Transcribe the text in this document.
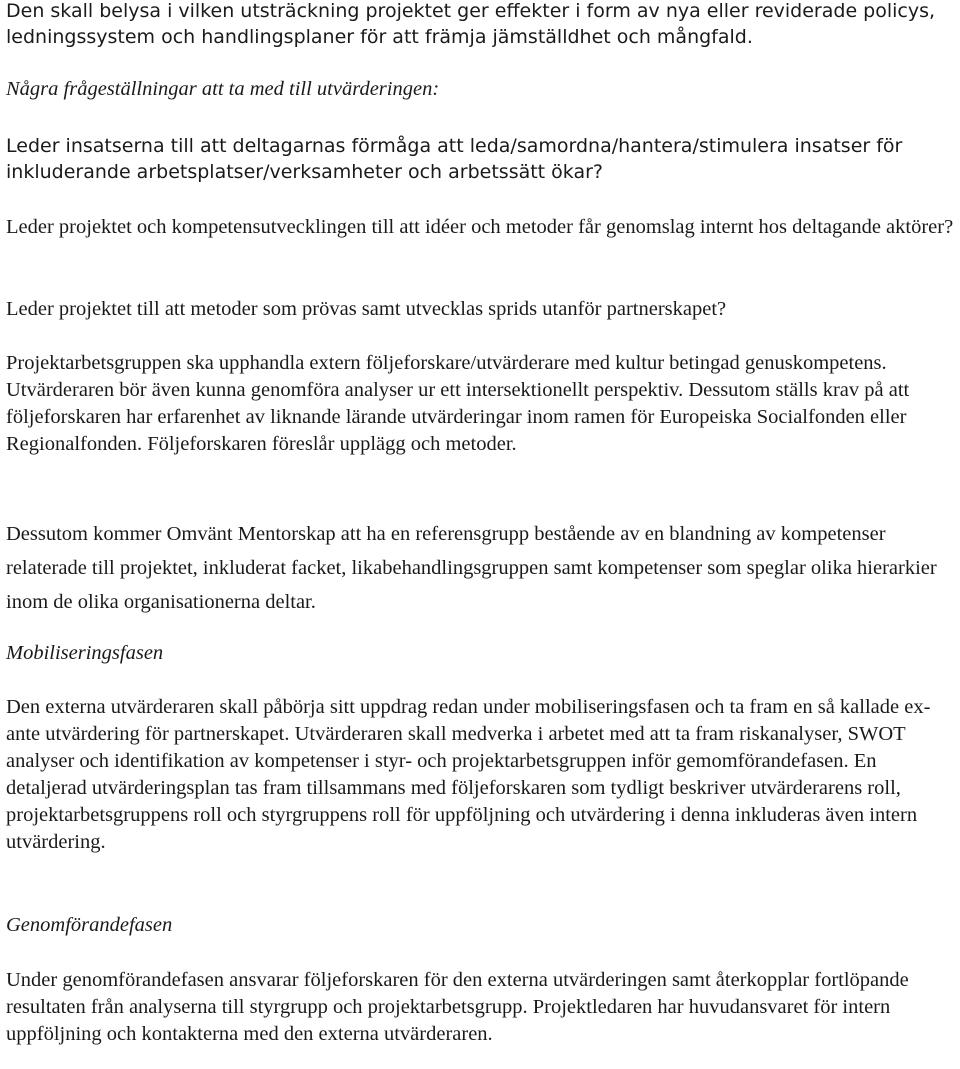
Den skall belysa i vilken utsträckning projektet ger effekter i form av nya eller reviderade policys, ledningssystem och handlingsplaner för att främja jämställdhet och mångfald.

Några frågeställningar att ta med till utvärderingen:

Leder insatserna till att deltagarnas förmåga att leda/samordna/hantera/stimulera insatser för inkluderande arbetsplatser/verksamheter och arbetssätt ökar?

Leder projektet och kompetensutvecklingen till att idéer och metoder får genomslag internt hos deltagande aktörer?

Leder projektet till att metoder som prövas samt utvecklas sprids utanför partnerskapet?

Projektarbetsgruppen ska upphandla extern följeforskare/utvärderare med kultur betingad genuskompetens. Utvärderaren bör även kunna genomföra analyser ur ett intersektionellt perspektiv. Dessutom ställs krav på att följeforskaren har erfarenhet av liknande lärande utvärderingar inom ramen för Europeiska Socialfonden eller Regionalfonden. Följeforskaren föreslår upplägg och metoder.

Dessutom kommer Omvänt Mentorskap att ha en referensgrupp bestående av en blandning av kompetenser relaterade till projektet, inkluderat facket, likabehandlingsgruppen samt kompetenser som speglar olika hierarkier inom de olika organisationerna deltar.

Mobiliseringsfasen

Den externa utvärderaren skall påbörja sitt uppdrag redan under mobiliseringsfasen och ta fram en så kallade ex-ante utvärdering för partnerskapet. Utvärderaren skall medverka i arbetet med att ta fram riskanalyser, SWOT analyser och identifikation av kompetenser i styr- och projektarbetsgruppen inför gemomförandefasen. En detaljerad utvärderingsplan tas fram tillsammans med följeforskaren som tydligt beskriver utvärderarens roll, projektarbetsgruppens roll och styrgruppens roll för uppföljning och utvärdering i denna inkluderas även intern utvärdering.

Genomförandefasen

Under genomförandefasen ansvarar följeforskaren för den externa utvärderingen samt återkopplar fortlöpande resultaten från analyserna till styrgrupp och projektarbetsgrupp. Projektledaren har huvudansvaret för intern uppföljning och kontakterna med den externa utvärderaren.
